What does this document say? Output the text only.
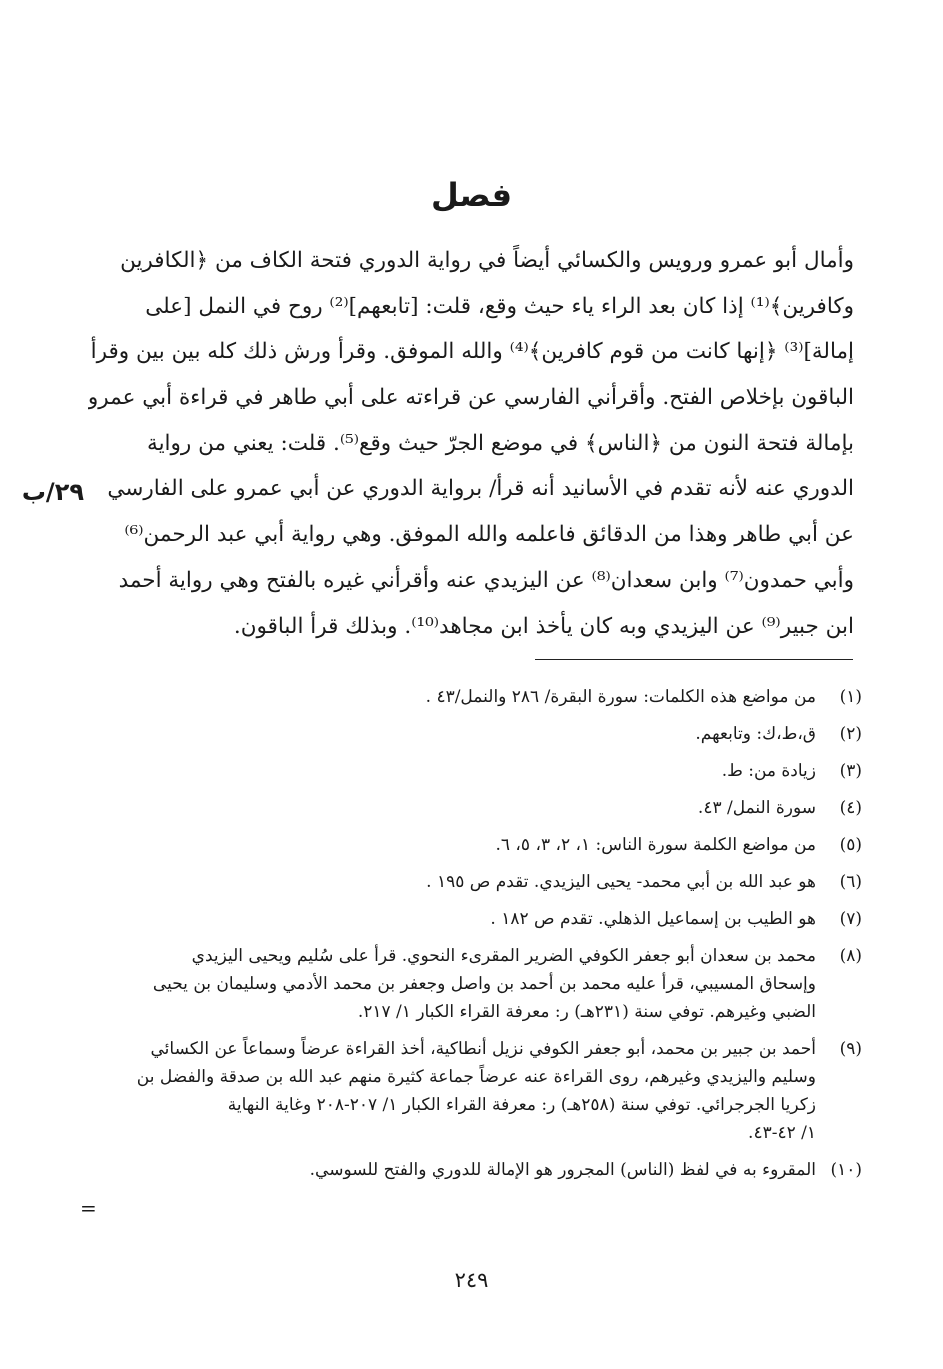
فصل
وأمال أبو عمرو ورويس والكسائي أيضاً في رواية الدوري فتحة الكاف من ﴿الكافرين
وكافرين﴾⁽¹⁾ إذا كان بعد الراء ياء حيث وقع، قلت: [تابعهم]⁽²⁾ روح في النمل [على
إمالة]⁽³⁾ ﴿إنها كانت من قوم كافرين﴾⁽⁴⁾ والله الموفق. وقرأ ورش ذلك كله بين بين وقرأ
الباقون بإخلاص الفتح. وأقرأني الفارسي عن قراءته على أبي طاهر في قراءة أبي عمرو
بإمالة فتحة النون من ﴿الناس﴾ في موضع الجرّ حيث وقع⁽⁵⁾. قلت: يعني من رواية
الدوري عنه لأنه تقدم في الأسانيد أنه قرأ/ برواية الدوري عن أبي عمرو على الفارسي
عن أبي طاهر وهذا من الدقائق فاعلمه والله الموفق. وهي رواية أبي عبد الرحمن⁽⁶⁾
وأبي حمدون⁽⁷⁾ وابن سعدان⁽⁸⁾ عن اليزيدي عنه وأقرأني غيره بالفتح وهي رواية أحمد
ابن جبير⁽⁹⁾ عن اليزيدي وبه كان يأخذ ابن مجاهد⁽¹⁰⁾. وبذلك قرأ الباقون.
٢٩/ب
(١)
من مواضع هذه الكلمات: سورة البقرة/ ٢٨٦ والنمل/٤٣ .
(٢)
ق،ط،ك: وتابعهم.
(٣)
زيادة من: ط.
(٤)
سورة النمل/ ٤٣.
(٥)
من مواضع الكلمة سورة الناس: ١، ٢، ٣، ٥، ٦.
(٦)
هو عبد الله بن أبي محمد- يحيى اليزيدي. تقدم ص ١٩٥ .
(٧)
هو الطيب بن إسماعيل الذهلي. تقدم ص ١٨٢ .
(٨)
محمد بن سعدان أبو جعفر الكوفي الضرير المقرىء النحوي. قرأ على سُليم ويحيى اليزيدي
وإسحاق المسيبي، قرأ عليه محمد بن أحمد بن واصل وجعفر بن محمد الأدمي وسليمان بن يحيى
الضبي وغيرهم. توفي سنة (٢٣١هـ) ر: معرفة القراء الكبار ١/ ٢١٧.
(٩)
أحمد بن جبير بن محمد، أبو جعفر الكوفي نزيل أنطاكية، أخذ القراءة عرضاً وسماعاً عن الكسائي
وسليم واليزيدي وغيرهم، روى القراءة عنه عرضاً جماعة كثيرة منهم عبد الله بن صدقة والفضل بن
زكريا الجرجرائي. توفي سنة (٢٥٨هـ) ر: معرفة القراء الكبار ١/ ٢٠٧-٢٠٨ وغاية النهاية
١/ ٤٢-٤٣.
(١٠)
المقروء به في لفظ (الناس) المجرور هو الإمالة للدوري والفتح للسوسي.
=
٢٤٩
